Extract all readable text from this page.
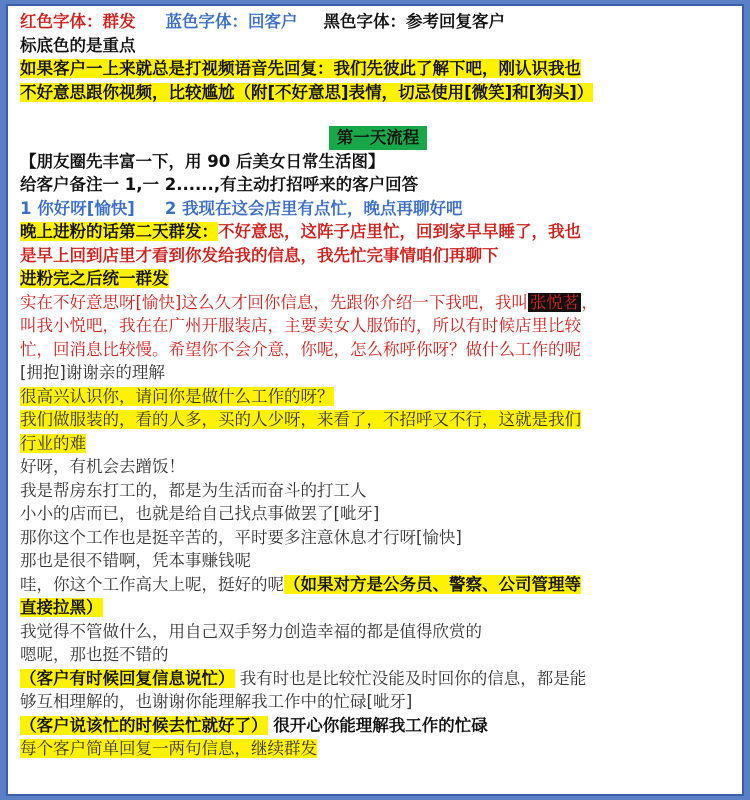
红色字体：群发 蓝色字体：回客户 黑色字体：参考回复客户
标底色的是重点
如果客户一上来就总是打视频语音先回复：我们先彼此了解下吧，刚认识我也
不好意思跟你视频，比较尴尬（附[不好意思]表情，切忌使用[微笑]和[狗头]）
第一天流程
【朋友圈先丰富一下，用 90 后美女日常生活图】
给客户备注一 1,一 2......,有主动打招呼来的客户回答
1 你好呀[愉快] 2 我现在这会店里有点忙，晚点再聊好吧
晚上进粉的话第二天群发：不好意思，这阵子店里忙，回到家早早睡了，我也
是早上回到店里才看到你发给我的信息，我先忙完事情咱们再聊下
进粉完之后统一群发
实在不好意思呀[愉快]这么久才回你信息，先跟你介绍一下我吧，我叫 张悦茗 ，
叫我小悦吧，我在在广州开服装店，主要卖女人服饰的，所以有时候店里比较
忙，回消息比较慢。希望你不会介意，你呢，怎么称呼你呀？做什么工作的呢
[拥抱]谢谢亲的理解
很高兴认识你，请问你是做什么工作的呀？
我们做服装的，看的人多，买的人少呀，来看了，不招呼又不行，这就是我们
行业的难
好呀，有机会去蹭饭！
我是帮房东打工的，都是为生活而奋斗的打工人
小小的店而已，也就是给自己找点事做罢了[呲牙]
那你这个工作也是挺辛苦的，平时要多注意休息才行呀[愉快]
那也是很不错啊，凭本事赚钱呢
哇，你这个工作高大上呢，挺好的呢（如果对方是公务员、警察、公司管理等
直接拉黑）
我觉得不管做什么，用自己双手努力创造幸福的都是值得欣赏的
嗯呢，那也挺不错的
（客户有时候回复信息说忙） 我有时也是比较忙没能及时回你的信息，都是能
够互相理解的，也谢谢你能理解我工作中的忙碌[呲牙]
（客户说该忙的时候去忙就好了） 很开心你能理解我工作的忙碌
每个客户简单回复一两句信息，继续群发
